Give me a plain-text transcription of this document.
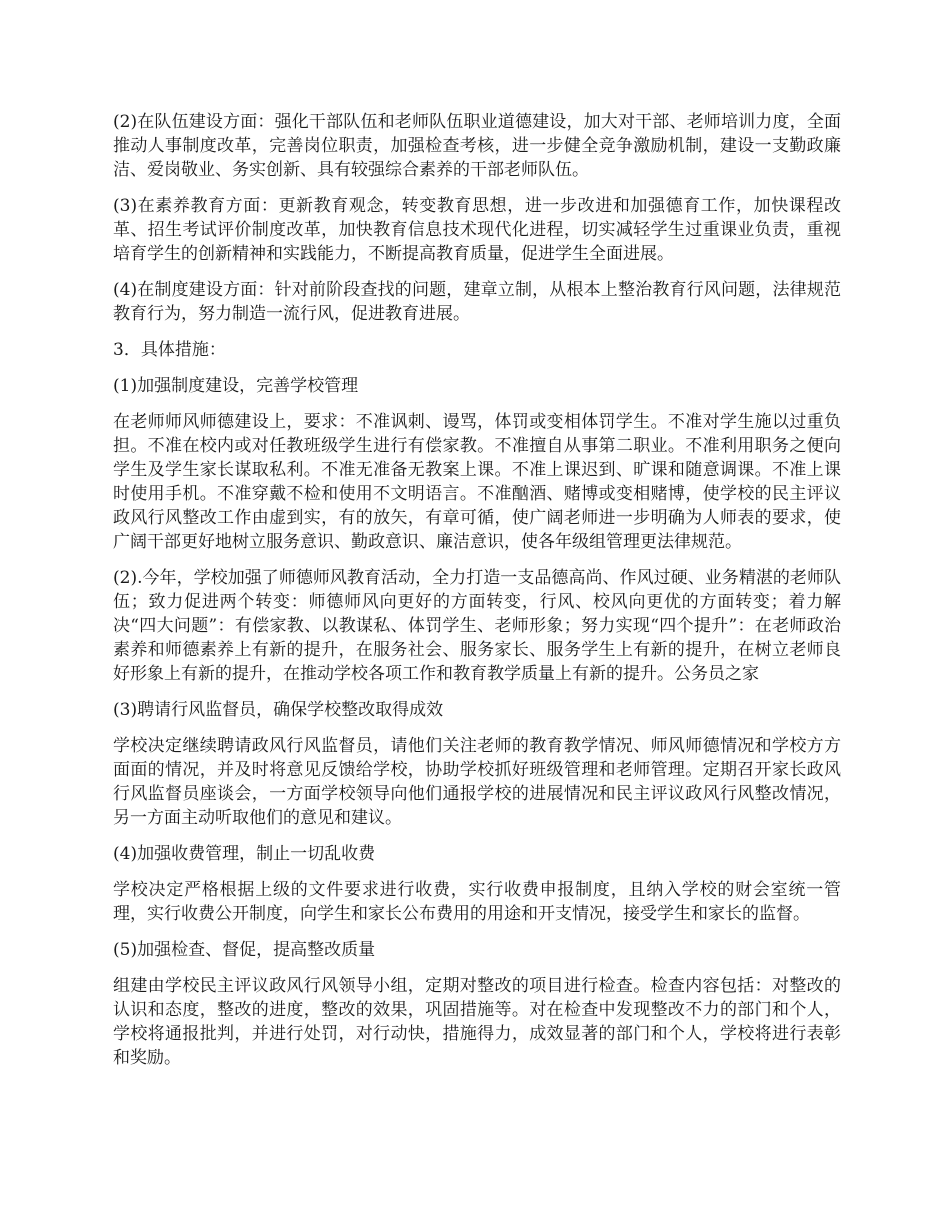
(2)在队伍建设方面：强化干部队伍和老师队伍职业道德建设，加大对干部、老师培训力度，全面推动人事制度改革，完善岗位职责，加强检查考核，进一步健全竞争激励机制，建设一支勤政廉洁、爱岗敬业、务实创新、具有较强综合素养的干部老师队伍。

(3)在素养教育方面：更新教育观念，转变教育思想，进一步改进和加强德育工作，加快课程改革、招生考试评价制度改革，加快教育信息技术现代化进程，切实减轻学生过重课业负责，重视培育学生的创新精神和实践能力，不断提高教育质量，促进学生全面进展。

(4)在制度建设方面：针对前阶段查找的问题，建章立制，从根本上整治教育行风问题，法律规范教育行为，努力制造一流行风，促进教育进展。

3．具体措施：

(1)加强制度建设，完善学校管理

在老师师风师德建设上，要求：不准讽刺、谩骂，体罚或变相体罚学生。不准对学生施以过重负担。不准在校内或对任教班级学生进行有偿家教。不准擅自从事第二职业。不准利用职务之便向学生及学生家长谋取私利。不准无准备无教案上课。不准上课迟到、旷课和随意调课。不准上课时使用手机。不准穿戴不检和使用不文明语言。不准酗酒、赌博或变相赌博，使学校的民主评议政风行风整改工作由虚到实，有的放矢，有章可循，使广阔老师进一步明确为人师表的要求，使广阔干部更好地树立服务意识、勤政意识、廉洁意识，使各年级组管理更法律规范。

(2).今年，学校加强了师德师风教育活动，全力打造一支品德高尚、作风过硬、业务精湛的老师队伍；致力促进两个转变：师德师风向更好的方面转变，行风、校风向更优的方面转变；着力解决“四大问题”：有偿家教、以教谋私、体罚学生、老师形象；努力实现“四个提升”：在老师政治素养和师德素养上有新的提升，在服务社会、服务家长、服务学生上有新的提升，在树立老师良好形象上有新的提升，在推动学校各项工作和教育教学质量上有新的提升。公务员之家

(3)聘请行风监督员，确保学校整改取得成效

学校决定继续聘请政风行风监督员，请他们关注老师的教育教学情况、师风师德情况和学校方方面面的情况，并及时将意见反馈给学校，协助学校抓好班级管理和老师管理。定期召开家长政风行风监督员座谈会，一方面学校领导向他们通报学校的进展情况和民主评议政风行风整改情况，另一方面主动听取他们的意见和建议。

(4)加强收费管理，制止一切乱收费

学校决定严格根据上级的文件要求进行收费，实行收费申报制度，且纳入学校的财会室统一管理，实行收费公开制度，向学生和家长公布费用的用途和开支情况，接受学生和家长的监督。

(5)加强检查、督促，提高整改质量

组建由学校民主评议政风行风领导小组，定期对整改的项目进行检查。检查内容包括：对整改的认识和态度，整改的进度，整改的效果，巩固措施等。对在检查中发现整改不力的部门和个人，学校将通报批判，并进行处罚，对行动快，措施得力，成效显著的部门和个人，学校将进行表彰和奖励。
